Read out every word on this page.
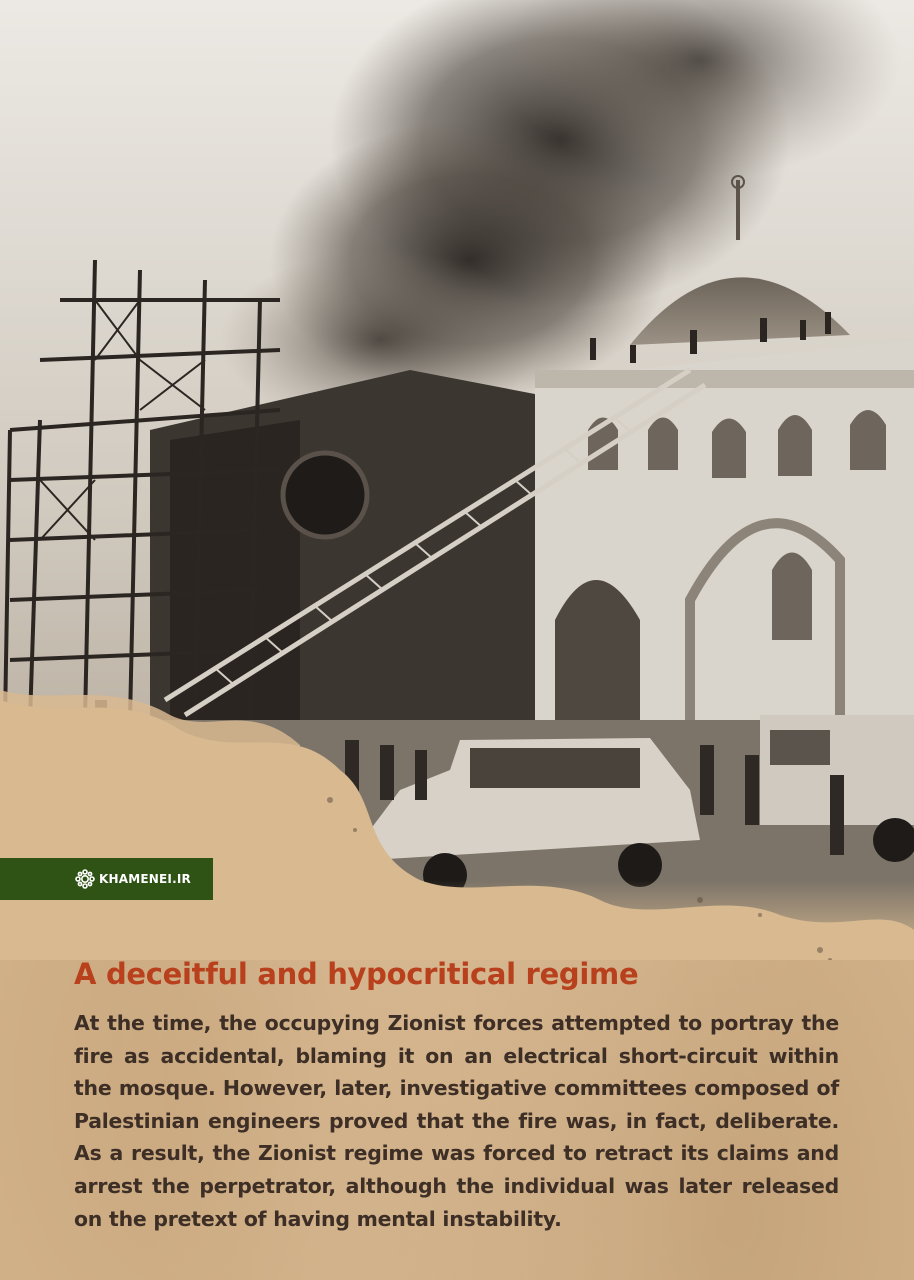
KHAMENEI.IR
A deceitful and hypocritical regime

At the time, the occupying Zionist forces attempted to portray the fire as accidental, blaming it on an electrical short-circuit within the mosque. However, later, investigative committees composed of Palestinian engineers proved that the fire was, in fact, deliberate. As a result, the Zionist regime was forced to retract its claims and arrest the perpetrator, although the individual was later released on the pretext of having mental instability.
